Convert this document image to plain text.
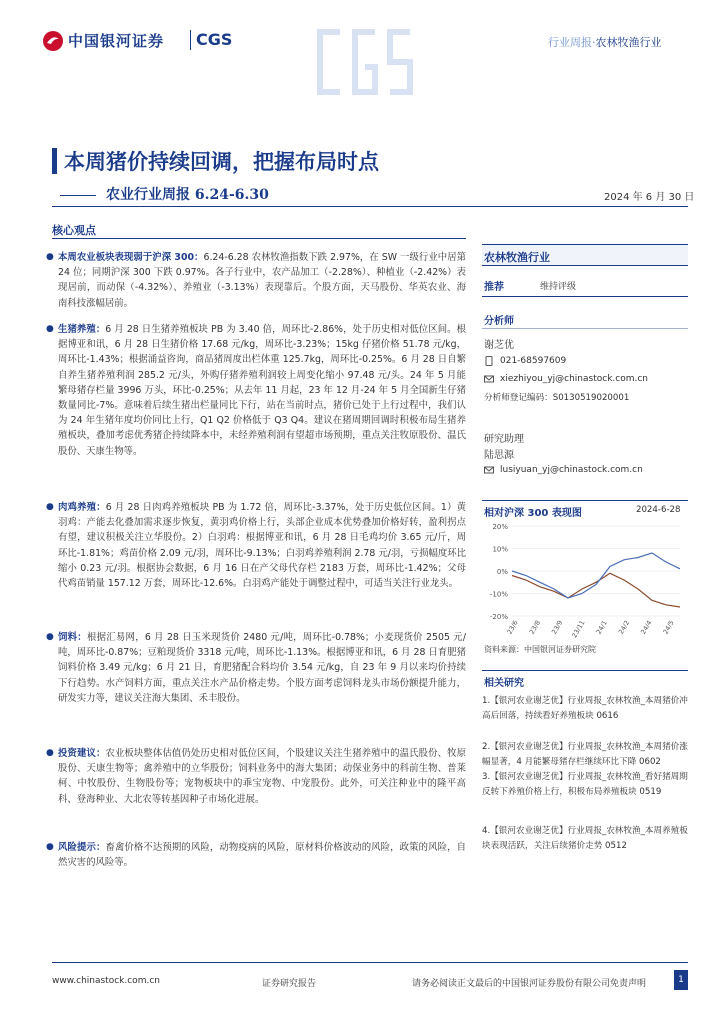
中国银河证券 CGS	行业周报·农林牧渔行业
本周猪价持续回调，把握布局时点
农业行业周报 6.24-6.30	2024 年 6 月 30 日
核心观点
● 本周农业板块表现弱于沪深 300：6.24-6.28 农林牧渔指数下跌 2.97%，在 SW 一级行业中居第 24 位；同期沪深 300 下跌 0.97%。各子行业中，农产品加工（-2.28%）、种植业（-2.42%）表现居前，而动保（-4.32%）、养殖业（-3.13%）表现靠后。个股方面，天马股份、华英农业、海南科技涨幅居前。
● 生猪养殖：6 月 28 日生猪养殖板块 PB 为 3.40 倍，周环比-2.86%，处于历史相对低位区间。根据博亚和讯，6 月 28 日生猪价格 17.68 元/kg，周环比-3.23%；15kg 仔猪价格 51.78 元/kg，周环比-1.43%；根据涌益咨询，商品猪周度出栏体重 125.7kg，周环比-0.25%。6 月 28 日自繁自养生猪养殖利润 285.2 元/头，外购仔猪养殖利润较上周变化缩小 97.48 元/头。24 年 5 月能繁母猪存栏量 3996 万头，环比-0.25%；从去年 11 月起，23 年 12 月-24 年 5 月全国新生仔猪数量同比-7%。意味着后续生猪出栏量同比下行，站在当前时点，猪价已处于上行过程中，我们认为 24 年生猪年度均价同比上行，Q1 Q2 价格低于 Q3 Q4。建议在猪周期回调时积极布局生猪养殖板块，叠加考虑优秀猪企持续降本中，未经养殖利润有望超市场预期，重点关注牧原股份、温氏股份、天康生物等。
● 肉鸡养殖：6 月 28 日肉鸡养殖板块 PB 为 1.72 倍，周环比-3.37%，处于历史低位区间。1）黄羽鸡：产能去化叠加需求逐步恢复，黄羽鸡价格上行，头部企业成本优势叠加价格好转，盈利拐点有望，建议积极关注立华股份。2）白羽鸡：根据博亚和讯，6 月 28 日毛鸡均价 3.65 元/斤，周环比-1.81%；鸡苗价格 2.09 元/羽，周环比-9.13%；白羽鸡养殖利润 2.78 元/羽，亏损幅度环比缩小 0.23 元/羽。根据协会数据，6 月 16 日在产父母代存栏 2183 万套，周环比-1.42%；父母代鸡苗销量 157.12 万套，周环比-12.6%。白羽鸡产能处于调整过程中，可适当关注行业龙头。
● 饲料：根据汇易网，6 月 28 日玉米现货价 2480 元/吨，周环比-0.78%；小麦现货价 2505 元/吨，周环比-0.87%；豆粕现货价 3318 元/吨，周环比-1.13%。根据博亚和讯，6 月 28 日育肥猪饲料价格 3.49 元/kg；6 月 21 日，育肥猪配合料均价 3.54 元/kg，自 23 年 9 月以来均价持续下行趋势。水产饲料方面，重点关注水产品价格走势。个股方面考虑饲料龙头市场份额提升能力，研发实力等，建议关注海大集团、禾丰股份。
● 投资建议：农业板块整体估值仍处历史相对低位区间，个股建议关注生猪养殖中的温氏股份、牧原股份、天康生物等；禽养殖中的立华股份；饲料业务中的海大集团；动保业务中的科前生物、普莱柯、中牧股份、生物股份等；宠物板块中的乖宝宠物、中宠股份。此外，可关注种业中的隆平高科、登海种业、大北农等转基因种子市场化进展。
● 风险提示：畜禽价格不达预期的风险，动物疫病的风险，原材料价格波动的风险，政策的风险，自然灾害的风险等。
农林牧渔行业
推荐	维持评级
分析师
谢芝优
021-68597609
xiezhiyou_yj@chinastock.com.cn
分析师登记编码：S0130519020001
研究助理
陆思源
lusiyuan_yj@chinastock.com.cn
相对沪深 300 表现图	2024-6-28
20%
10%
0%
-10%
-20%
23/6 23/8 23/9 23/11 24/1 24/2 24/4 24/5
资料来源：中国银河证券研究院
相关研究
1.【银河农业谢芝优】行业周报_农林牧渔_本周猪价冲高后回落，持续看好养殖板块 0616
2.【银河农业谢芝优】行业周报_农林牧渔_本周猪价涨幅显著，4 月能繁母猪存栏继续环比下降 0602
3.【银河农业谢芝优】行业周报_农林牧渔_看好猪周期反转下养殖价格上行，积极布局养殖板块 0519
4.【银河农业谢芝优】行业周报_农林牧渔_本周养殖板块表现活跃，关注后续猪价走势 0512
www.chinastock.com.cn	证券研究报告	请务必阅读正文最后的中国银河证券股份有限公司免责声明	1
